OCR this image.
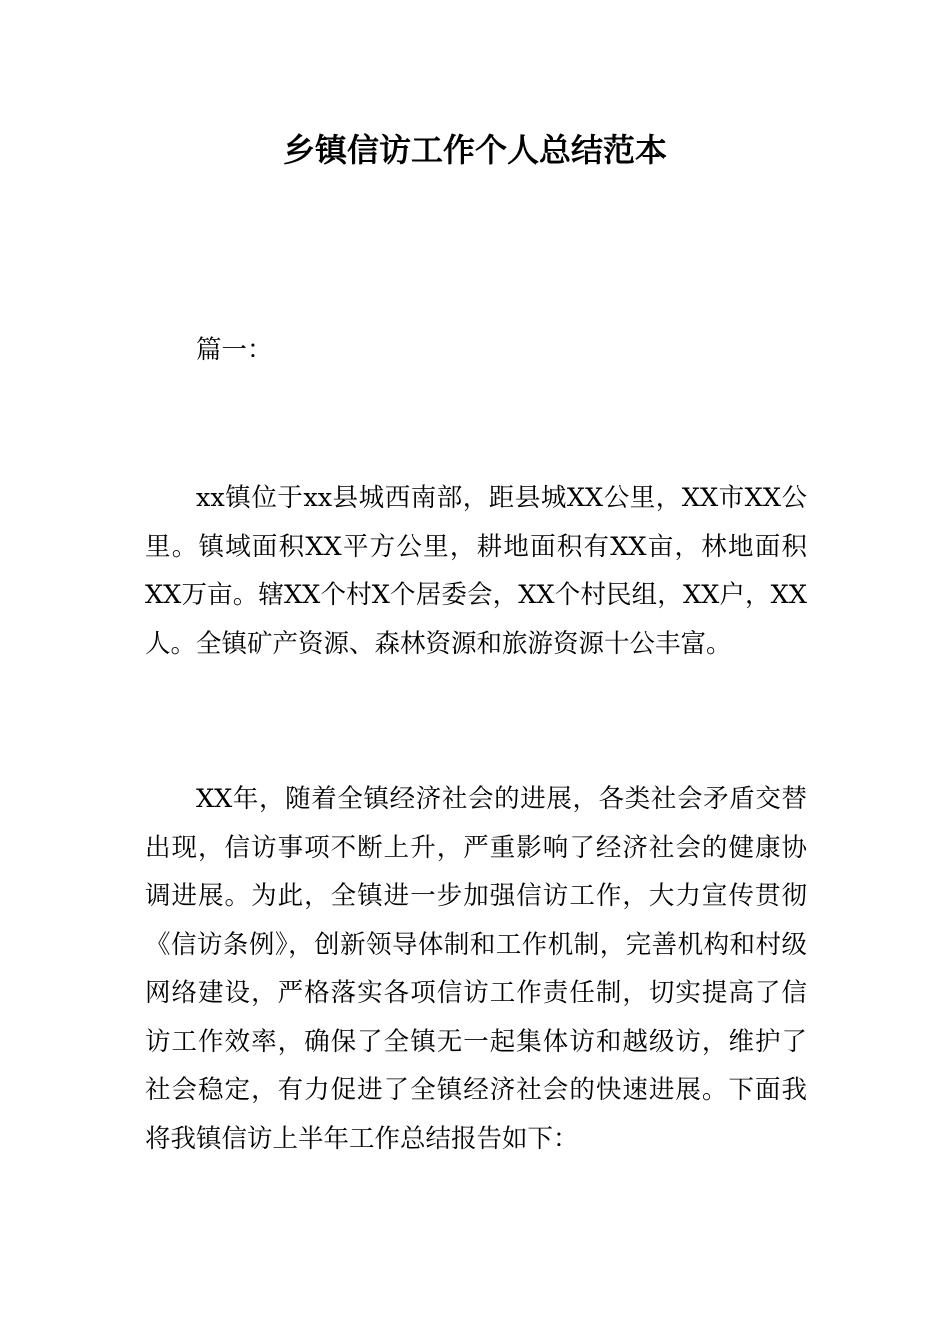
乡镇信访工作个人总结范本

篇一：

xx镇位于xx县城西南部，距县城XX公里，XX市XX公里。镇域面积XX平方公里，耕地面积有XX亩，林地面积XX万亩。辖XX个村X个居委会，XX个村民组，XX户，XX人。全镇矿产资源、森林资源和旅游资源十公丰富。

XX年，随着全镇经济社会的进展，各类社会矛盾交替出现，信访事项不断上升，严重影响了经济社会的健康协调进展。为此，全镇进一步加强信访工作，大力宣传贯彻《信访条例》，创新领导体制和工作机制，完善机构和村级网络建设，严格落实各项信访工作责任制，切实提高了信访工作效率，确保了全镇无一起集体访和越级访，维护了社会稳定，有力促进了全镇经济社会的快速进展。下面我将我镇信访上半年工作总结报告如下：
